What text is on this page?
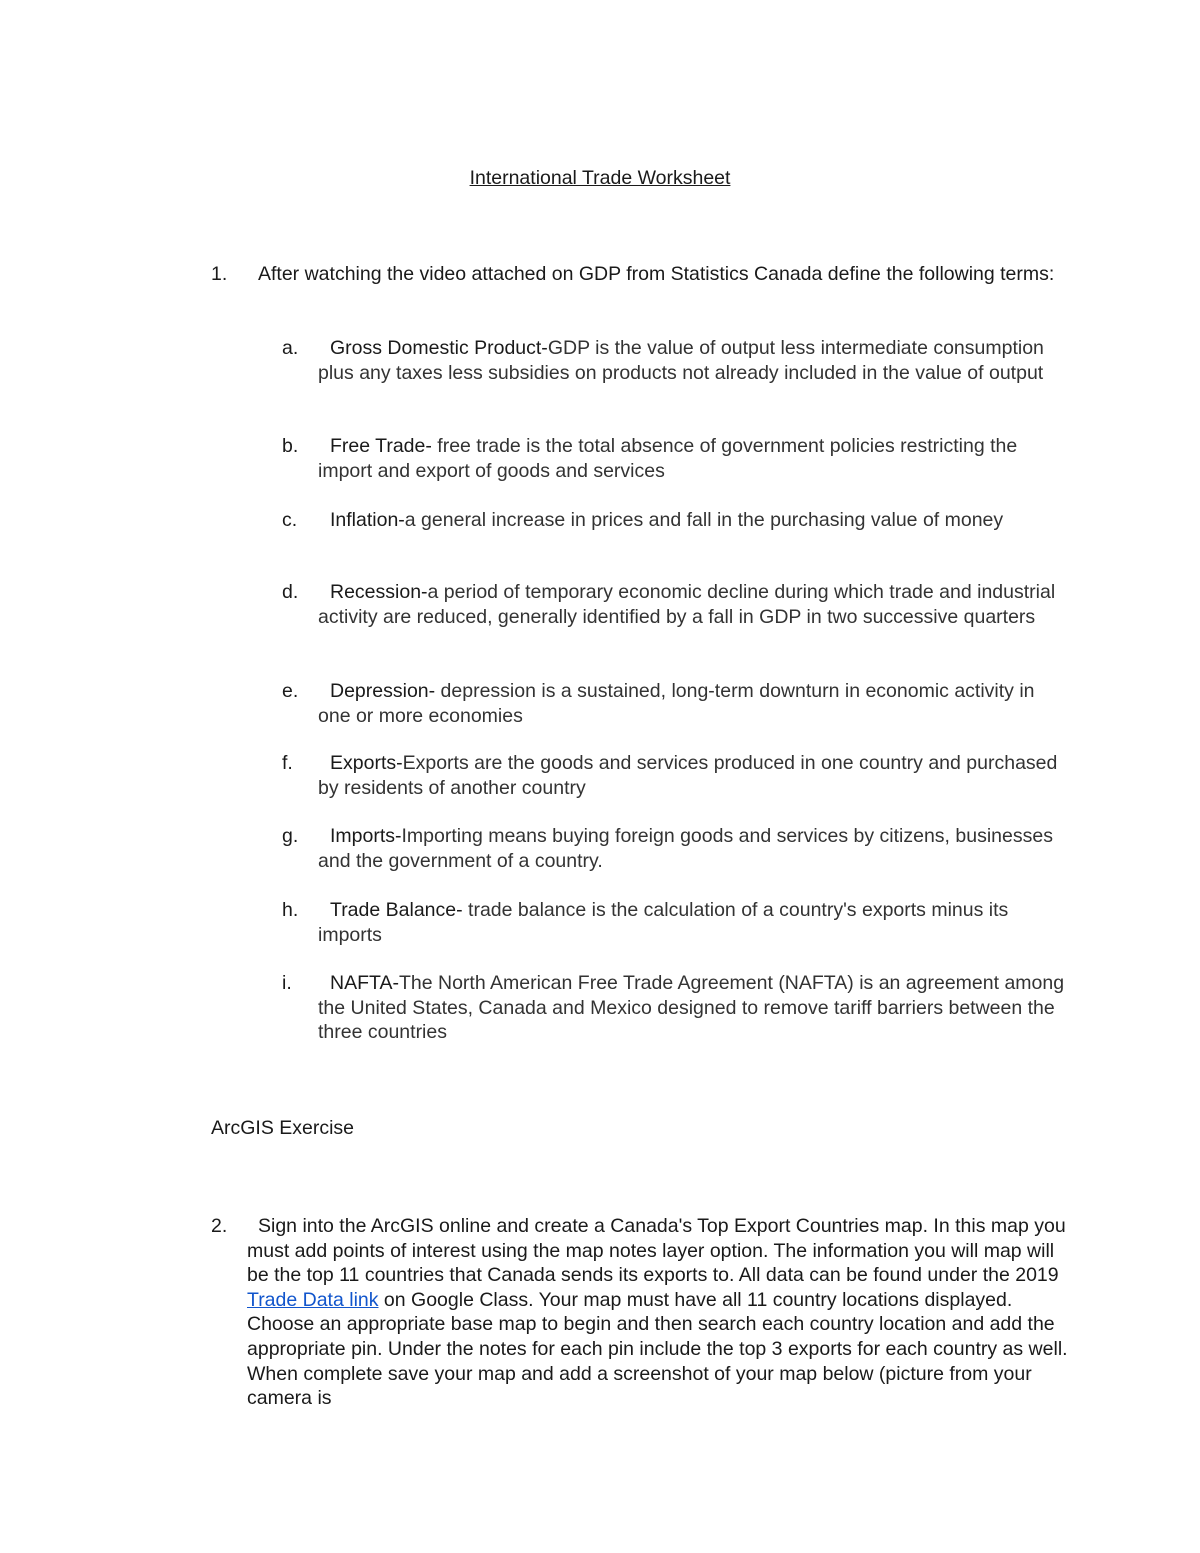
International Trade Worksheet
1.	After watching the video attached on GDP from Statistics Canada define the following terms:
a.	Gross Domestic Product-GDP is the value of output less intermediate consumption plus any taxes less subsidies on products not already included in the value of output
b.	Free Trade- free trade is the total absence of government policies restricting the import and export of goods and services
c.	Inflation-a general increase in prices and fall in the purchasing value of money
d.	Recession-a period of temporary economic decline during which trade and industrial activity are reduced, generally identified by a fall in GDP in two successive quarters
e.	Depression- depression is a sustained, long-term downturn in economic activity in one or more economies
f.	Exports-Exports are the goods and services produced in one country and purchased by residents of another country
g.	Imports-Importing means buying foreign goods and services by citizens, businesses and the government of a country.
h.	Trade Balance- trade balance is the calculation of a country's exports minus its imports
i.	NAFTA-The North American Free Trade Agreement (NAFTA) is an agreement among the United States, Canada and Mexico designed to remove tariff barriers between the three countries
ArcGIS Exercise
2.	Sign into the ArcGIS online and create a Canada's Top Export Countries map. In this map you must add points of interest using the map notes layer option. The information you will map will be the top 11 countries that Canada sends its exports to. All data can be found under the 2019 Trade Data link on Google Class. Your map must have all 11 country locations displayed. Choose an appropriate base map to begin and then search each country location and add the appropriate pin. Under the notes for each pin include the top 3 exports for each country as well. When complete save your map and add a screenshot of your map below (picture from your camera is
